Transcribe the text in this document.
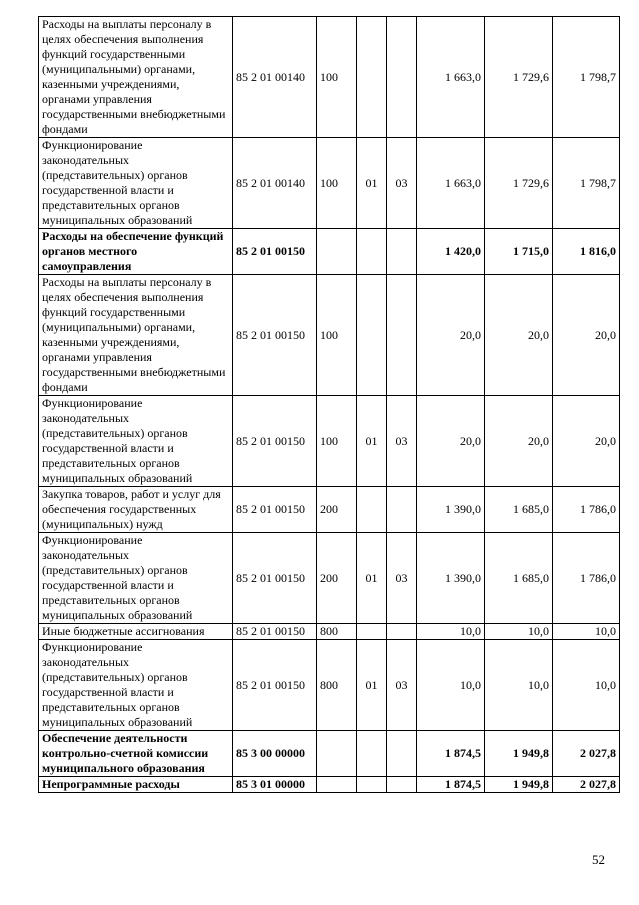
Расходы на выплаты персоналу в целях обеспечения выполнения функций государственными (муниципальными) органами, казенными учреждениями, органами управления государственными внебюджетными фондами	85 2 01 00140	100			1 663,0	1 729,6	1 798,7
Функционирование законодательных (представительных) органов государственной власти и представительных органов муниципальных образований	85 2 01 00140	100	01	03	1 663,0	1 729,6	1 798,7
Расходы на обеспечение функций органов местного самоуправления	85 2 01 00150				1 420,0	1 715,0	1 816,0
Расходы на выплаты персоналу в целях обеспечения выполнения функций государственными (муниципальными) органами, казенными учреждениями, органами управления государственными внебюджетными фондами	85 2 01 00150	100			20,0	20,0	20,0
Функционирование законодательных (представительных) органов государственной власти и представительных органов муниципальных образований	85 2 01 00150	100	01	03	20,0	20,0	20,0
Закупка товаров, работ и услуг для обеспечения государственных (муниципальных) нужд	85 2 01 00150	200			1 390,0	1 685,0	1 786,0
Функционирование законодательных (представительных) органов государственной власти и представительных органов муниципальных образований	85 2 01 00150	200	01	03	1 390,0	1 685,0	1 786,0
Иные бюджетные ассигнования	85 2 01 00150	800			10,0	10,0	10,0
Функционирование законодательных (представительных) органов государственной власти и представительных органов муниципальных образований	85 2 01 00150	800	01	03	10,0	10,0	10,0
Обеспечение деятельности контрольно-счетной комиссии муниципального образования	85 3 00 00000				1 874,5	1 949,8	2 027,8
Непрограммные расходы	85 3 01 00000				1 874,5	1 949,8	2 027,8
52
